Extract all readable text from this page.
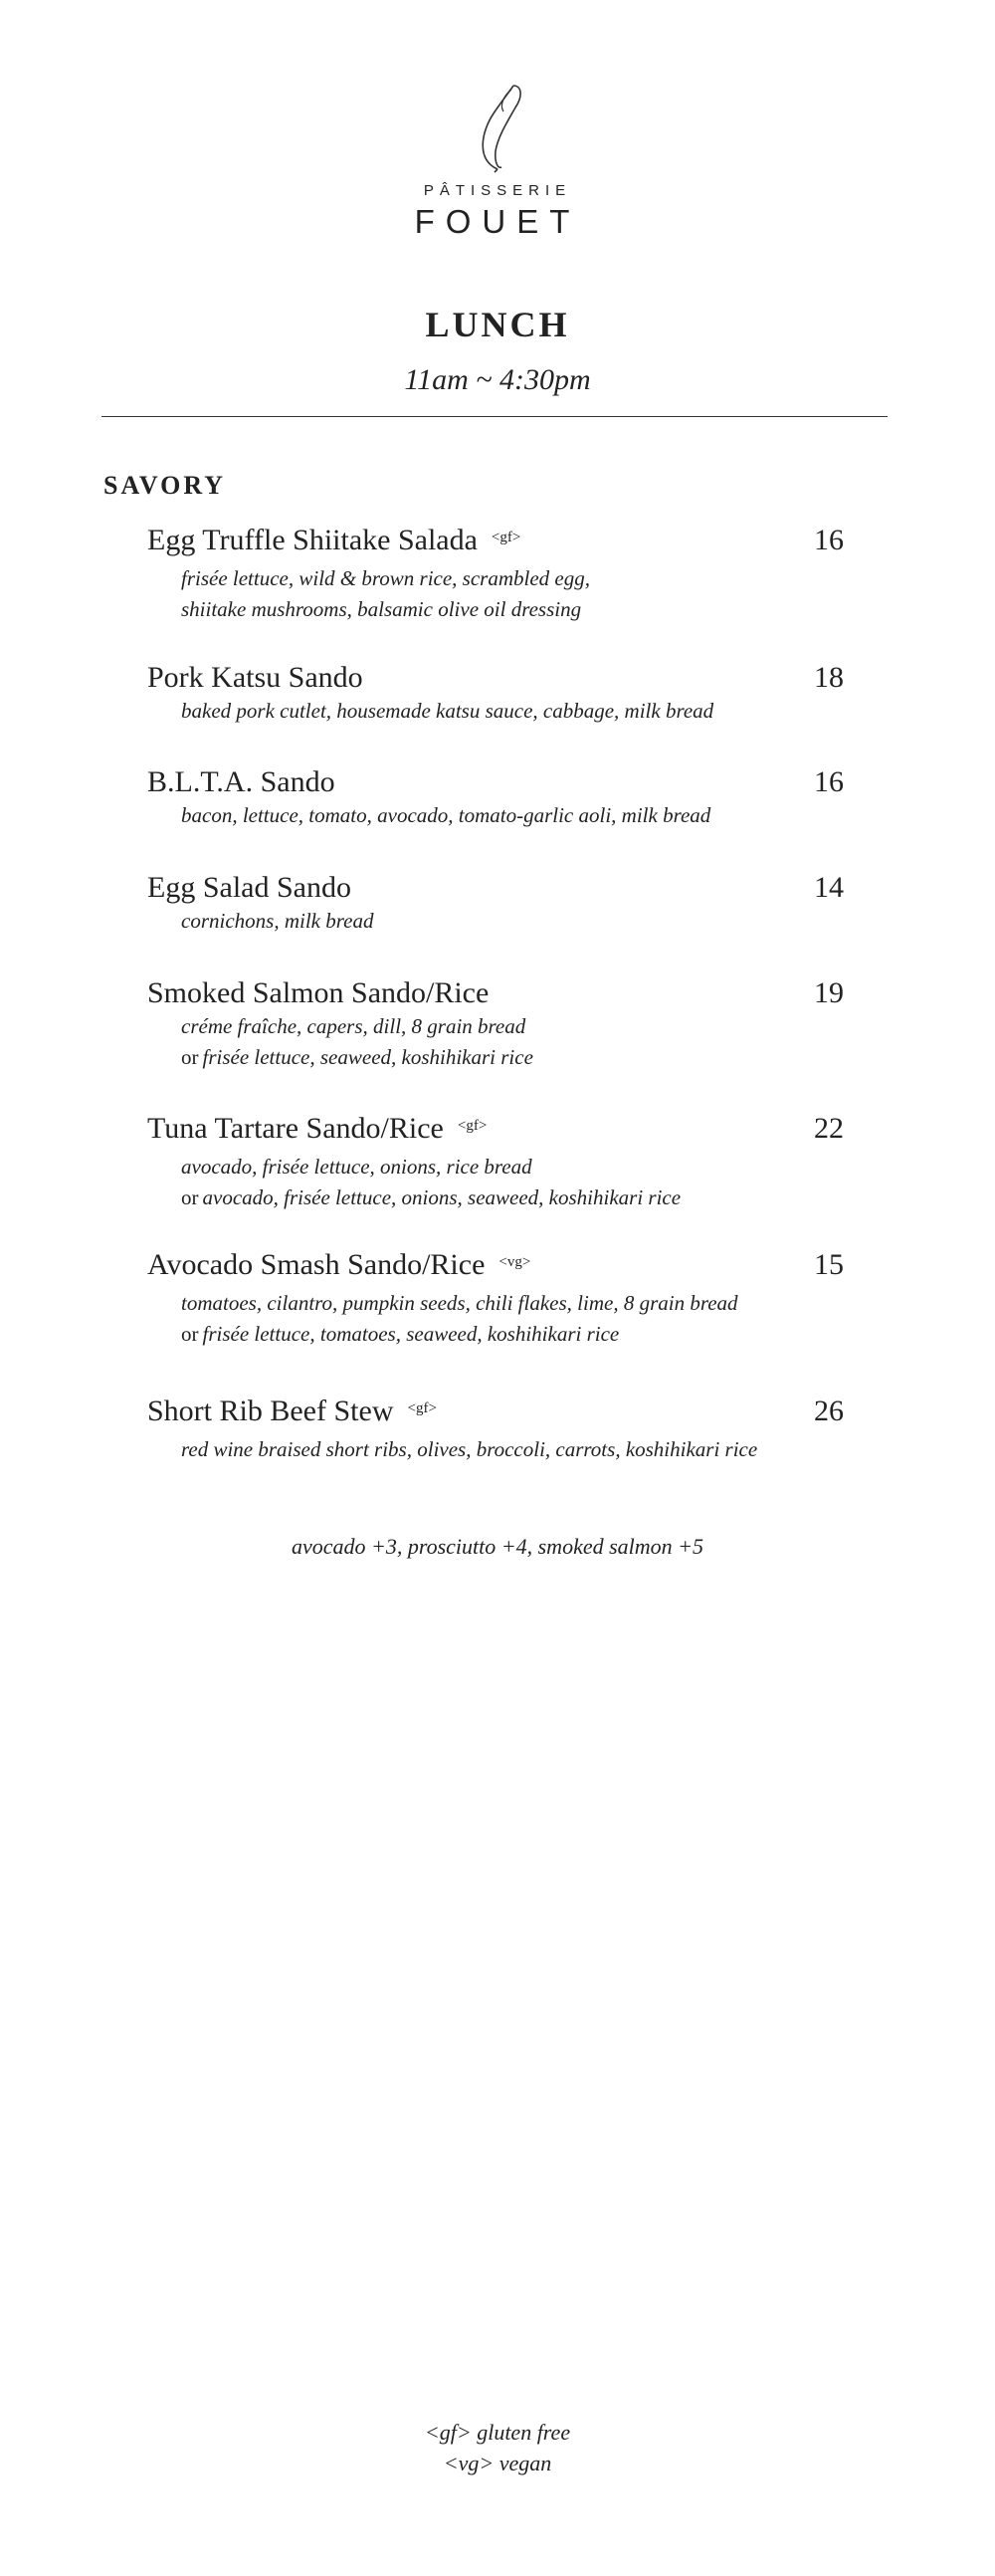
PÂTISSERIE
FOUET
LUNCH
11am ~ 4:30pm
SAVORY
Egg Truffle Shiitake Salada $^{<gf>}$	16
frisée lettuce, wild & brown rice, scrambled egg,
shiitake mushrooms, balsamic olive oil dressing
Pork Katsu Sando	18
baked pork cutlet, housemade katsu sauce, cabbage, milk bread
B.L.T.A. Sando	16
bacon, lettuce, tomato, avocado, tomato-garlic aoli, milk bread
Egg Salad Sando	14
cornichons, milk bread
Smoked Salmon Sando/Rice	19
créme fraîche, capers, dill, 8 grain bread
or frisée lettuce, seaweed, koshihikari rice
Tuna Tartare Sando/Rice $^{<gf>}$	22
avocado, frisée lettuce, onions, rice bread
or avocado, frisée lettuce, onions, seaweed, koshihikari rice
Avocado Smash Sando/Rice $^{<vg>}$	15
tomatoes, cilantro, pumpkin seeds, chili flakes, lime, 8 grain bread
or frisée lettuce, tomatoes, seaweed, koshihikari rice
Short Rib Beef Stew $^{<gf>}$	26
red wine braised short ribs, olives, broccoli, carrots, koshihikari rice
avocado +3, prosciutto +4, smoked salmon +5
<gf> gluten free
<vg> vegan
